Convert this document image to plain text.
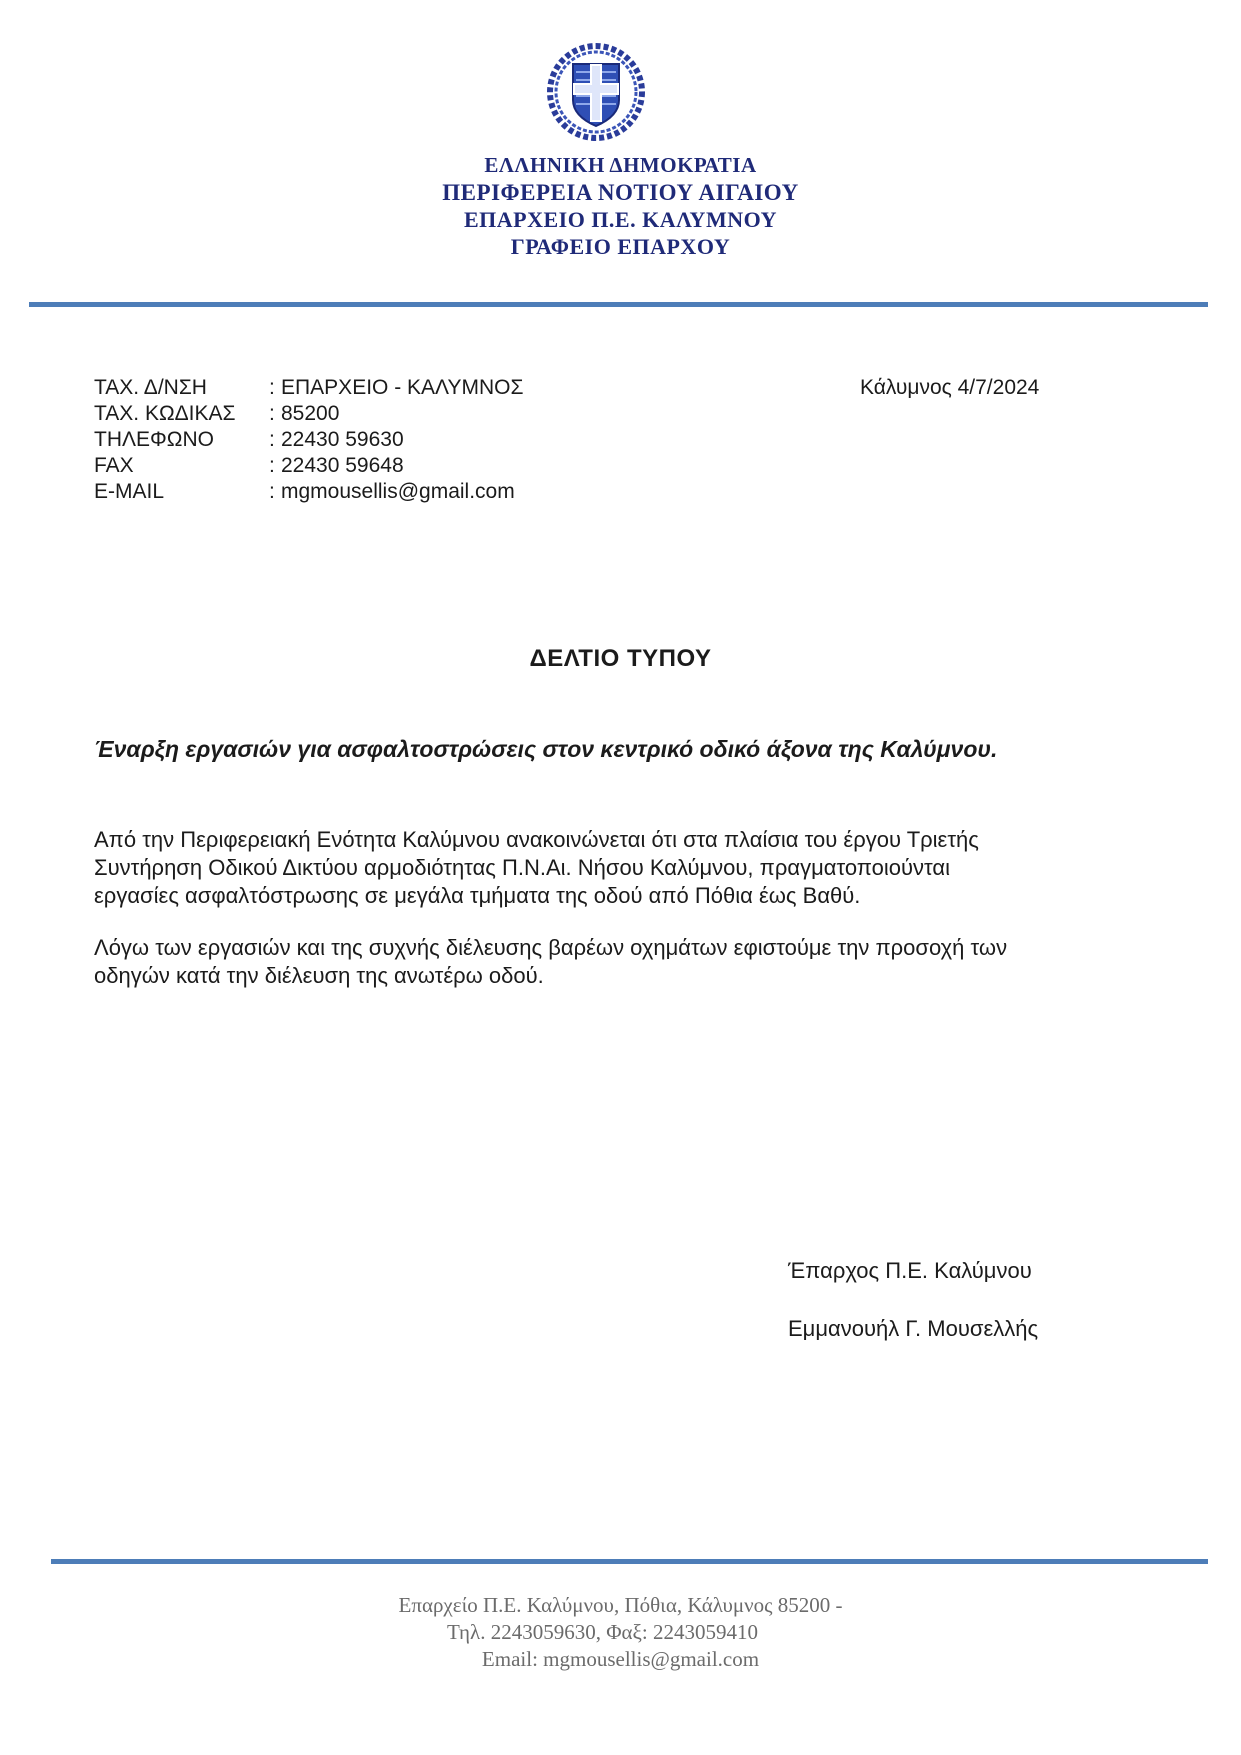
ΕΛΛΗΝΙΚΗ ΔΗΜΟΚΡΑΤΙΑ
ΠΕΡΙΦΕΡΕΙΑ ΝΟΤΙΟΥ ΑΙΓΑΙΟΥ
ΕΠΑΡΧΕΙΟ Π.Ε. ΚΑΛΥΜΝΟΥ
ΓΡΑΦΕΙΟ ΕΠΑΡΧΟΥ
ΤΑΧ. Δ/ΝΣΗ	: ΕΠΑΡΧΕΙΟ - ΚΑΛΥΜΝΟΣ
ΤΑΧ. ΚΩΔΙΚΑΣ	: 85200
ΤΗΛΕΦΩΝΟ	: 22430 59630
FAX	: 22430 59648
E-MAIL	: mgmousellis@gmail.com
Κάλυμνος 4/7/2024
ΔΕΛΤΙΟ ΤΥΠΟΥ
Έναρξη εργασιών για ασφαλτοστρώσεις στον κεντρικό οδικό άξονα της Καλύμνου.

Από την Περιφερειακή Ενότητα Καλύμνου ανακοινώνεται ότι στα πλαίσια του έργου Τριετής
Συντήρηση Οδικού Δικτύου αρμοδιότητας Π.Ν.Αι. Νήσου Καλύμνου, πραγματοποιούνται
εργασίες ασφαλτόστρωσης σε μεγάλα τμήματα της οδού από Πόθια έως Βαθύ.

Λόγω των εργασιών και της συχνής διέλευσης βαρέων οχημάτων εφιστούμε την προσοχή των
οδηγών κατά την διέλευση της ανωτέρω οδού.

Έπαρχος Π.Ε. Καλύμνου
Εμμανουήλ Γ. Μουσελλής
Επαρχείο Π.Ε. Καλύμνου, Πόθια, Κάλυμνος 85200 -
Τηλ. 2243059630, Φαξ: 2243059410
Email: mgmousellis@gmail.com
